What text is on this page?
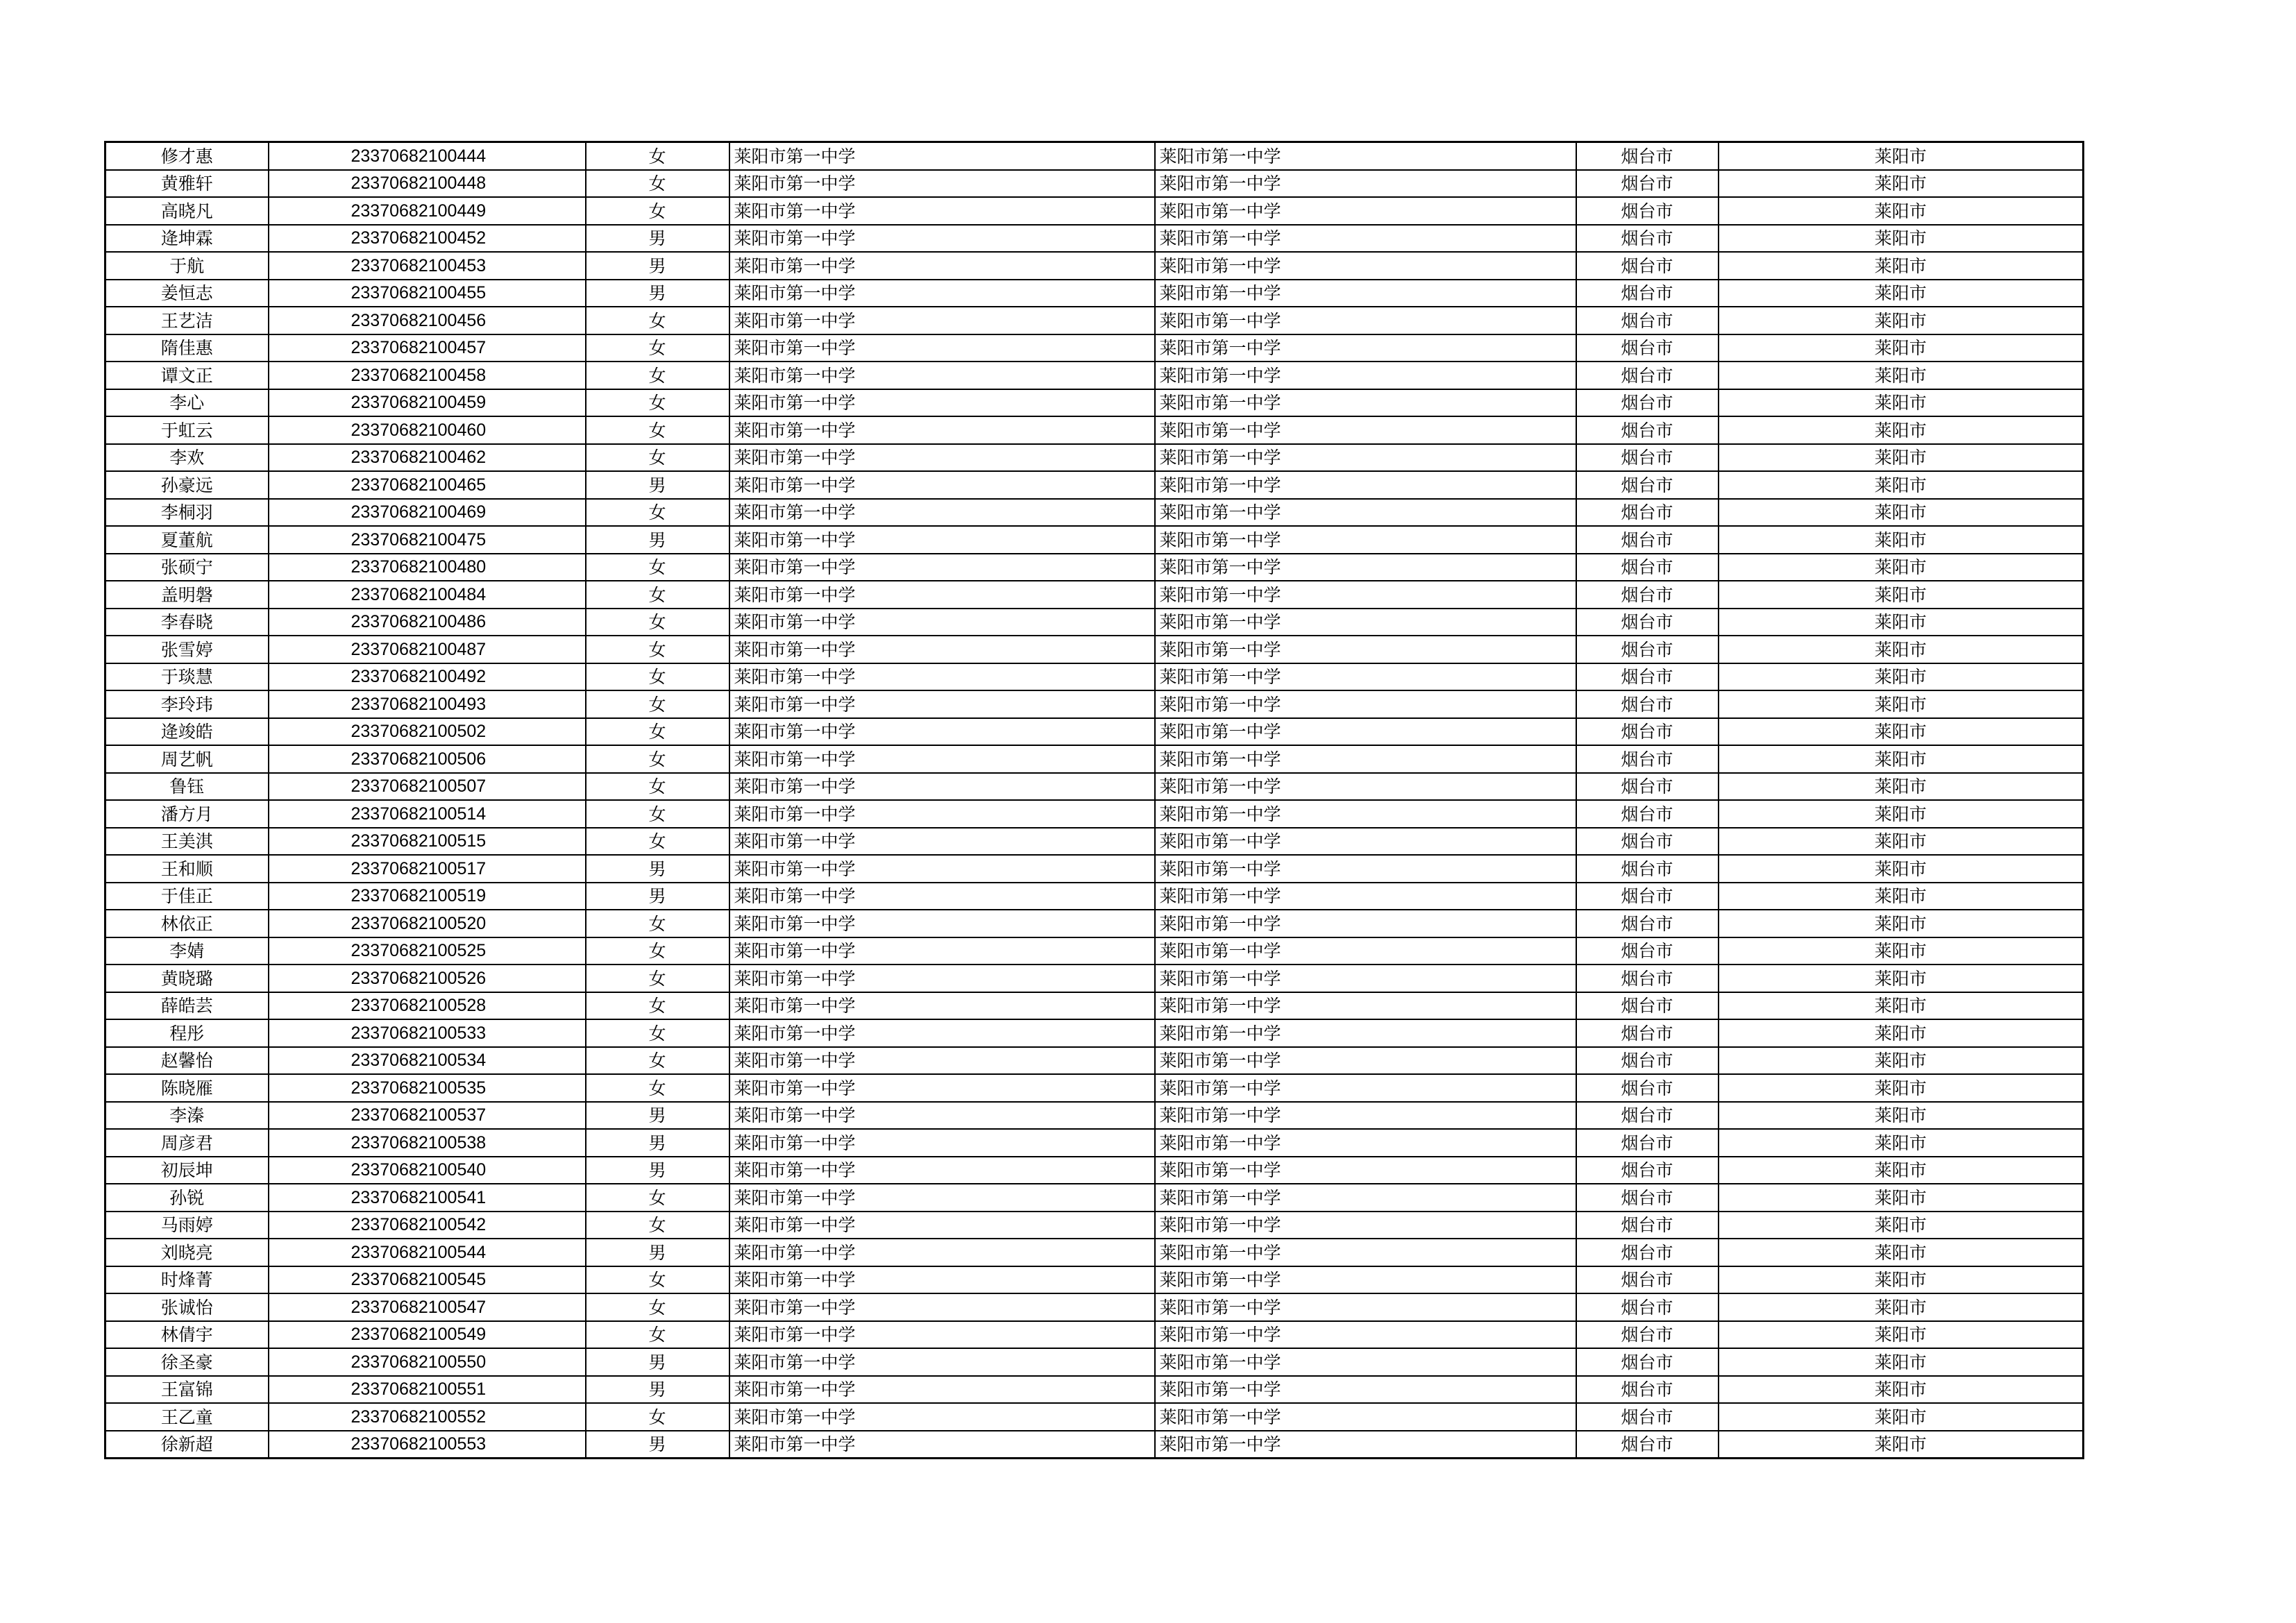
修才惠	23370682100444	女	莱阳市第一中学	莱阳市第一中学	烟台市	莱阳市
黄雅轩	23370682100448	女	莱阳市第一中学	莱阳市第一中学	烟台市	莱阳市
高晓凡	23370682100449	女	莱阳市第一中学	莱阳市第一中学	烟台市	莱阳市
逄坤霖	23370682100452	男	莱阳市第一中学	莱阳市第一中学	烟台市	莱阳市
于航	23370682100453	男	莱阳市第一中学	莱阳市第一中学	烟台市	莱阳市
姜恒志	23370682100455	男	莱阳市第一中学	莱阳市第一中学	烟台市	莱阳市
王艺洁	23370682100456	女	莱阳市第一中学	莱阳市第一中学	烟台市	莱阳市
隋佳惠	23370682100457	女	莱阳市第一中学	莱阳市第一中学	烟台市	莱阳市
谭文正	23370682100458	女	莱阳市第一中学	莱阳市第一中学	烟台市	莱阳市
李心	23370682100459	女	莱阳市第一中学	莱阳市第一中学	烟台市	莱阳市
于虹云	23370682100460	女	莱阳市第一中学	莱阳市第一中学	烟台市	莱阳市
李欢	23370682100462	女	莱阳市第一中学	莱阳市第一中学	烟台市	莱阳市
孙豪远	23370682100465	男	莱阳市第一中学	莱阳市第一中学	烟台市	莱阳市
李桐羽	23370682100469	女	莱阳市第一中学	莱阳市第一中学	烟台市	莱阳市
夏董航	23370682100475	男	莱阳市第一中学	莱阳市第一中学	烟台市	莱阳市
张硕宁	23370682100480	女	莱阳市第一中学	莱阳市第一中学	烟台市	莱阳市
盖明磐	23370682100484	女	莱阳市第一中学	莱阳市第一中学	烟台市	莱阳市
李春晓	23370682100486	女	莱阳市第一中学	莱阳市第一中学	烟台市	莱阳市
张雪婷	23370682100487	女	莱阳市第一中学	莱阳市第一中学	烟台市	莱阳市
于琰慧	23370682100492	女	莱阳市第一中学	莱阳市第一中学	烟台市	莱阳市
李玲玮	23370682100493	女	莱阳市第一中学	莱阳市第一中学	烟台市	莱阳市
逄竣皓	23370682100502	女	莱阳市第一中学	莱阳市第一中学	烟台市	莱阳市
周艺帆	23370682100506	女	莱阳市第一中学	莱阳市第一中学	烟台市	莱阳市
鲁钰	23370682100507	女	莱阳市第一中学	莱阳市第一中学	烟台市	莱阳市
潘方月	23370682100514	女	莱阳市第一中学	莱阳市第一中学	烟台市	莱阳市
王美淇	23370682100515	女	莱阳市第一中学	莱阳市第一中学	烟台市	莱阳市
王和顺	23370682100517	男	莱阳市第一中学	莱阳市第一中学	烟台市	莱阳市
于佳正	23370682100519	男	莱阳市第一中学	莱阳市第一中学	烟台市	莱阳市
林依正	23370682100520	女	莱阳市第一中学	莱阳市第一中学	烟台市	莱阳市
李婧	23370682100525	女	莱阳市第一中学	莱阳市第一中学	烟台市	莱阳市
黄晓璐	23370682100526	女	莱阳市第一中学	莱阳市第一中学	烟台市	莱阳市
薛皓芸	23370682100528	女	莱阳市第一中学	莱阳市第一中学	烟台市	莱阳市
程彤	23370682100533	女	莱阳市第一中学	莱阳市第一中学	烟台市	莱阳市
赵馨怡	23370682100534	女	莱阳市第一中学	莱阳市第一中学	烟台市	莱阳市
陈晓雁	23370682100535	女	莱阳市第一中学	莱阳市第一中学	烟台市	莱阳市
李溱	23370682100537	男	莱阳市第一中学	莱阳市第一中学	烟台市	莱阳市
周彦君	23370682100538	男	莱阳市第一中学	莱阳市第一中学	烟台市	莱阳市
初辰坤	23370682100540	男	莱阳市第一中学	莱阳市第一中学	烟台市	莱阳市
孙锐	23370682100541	女	莱阳市第一中学	莱阳市第一中学	烟台市	莱阳市
马雨婷	23370682100542	女	莱阳市第一中学	莱阳市第一中学	烟台市	莱阳市
刘晓亮	23370682100544	男	莱阳市第一中学	莱阳市第一中学	烟台市	莱阳市
时烽菁	23370682100545	女	莱阳市第一中学	莱阳市第一中学	烟台市	莱阳市
张诚怡	23370682100547	女	莱阳市第一中学	莱阳市第一中学	烟台市	莱阳市
林倩宇	23370682100549	女	莱阳市第一中学	莱阳市第一中学	烟台市	莱阳市
徐圣豪	23370682100550	男	莱阳市第一中学	莱阳市第一中学	烟台市	莱阳市
王富锦	23370682100551	男	莱阳市第一中学	莱阳市第一中学	烟台市	莱阳市
王乙童	23370682100552	女	莱阳市第一中学	莱阳市第一中学	烟台市	莱阳市
徐新超	23370682100553	男	莱阳市第一中学	莱阳市第一中学	烟台市	莱阳市
